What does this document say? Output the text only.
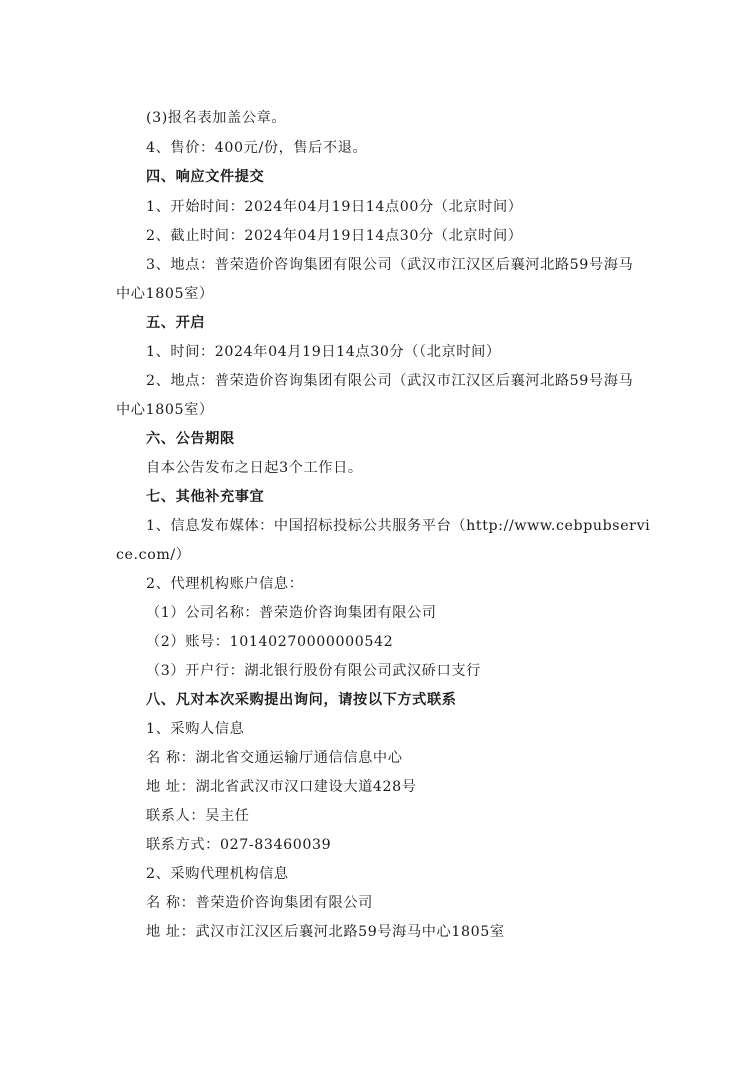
(3)报名表加盖公章。
4、售价：400元/份，售后不退。
四、响应文件提交
1、开始时间：2024年04月19日14点00分（北京时间）
2、截止时间：2024年04月19日14点30分（北京时间）
3、地点：普荣造价咨询集团有限公司（武汉市江汉区后襄河北路59号海马
中心1805室）
五、开启
1、时间：2024年04月19日14点30分（（北京时间）
2、地点：普荣造价咨询集团有限公司（武汉市江汉区后襄河北路59号海马
中心1805室）
六、公告期限
自本公告发布之日起3个工作日。
七、其他补充事宜
1、信息发布媒体：中国招标投标公共服务平台（http://www.cebpubservi
ce.com/）
2、代理机构账户信息：
（1）公司名称：普荣造价咨询集团有限公司
（2）账号：10140270000000542
（3）开户行：湖北银行股份有限公司武汉硚口支行
八、凡对本次采购提出询问，请按以下方式联系
1、采购人信息
名 称：湖北省交通运输厅通信信息中心
地 址：湖北省武汉市汉口建设大道428号
联系人：吴主任
联系方式：027-83460039
2、采购代理机构信息
名 称：普荣造价咨询集团有限公司
地 址：武汉市江汉区后襄河北路59号海马中心1805室
